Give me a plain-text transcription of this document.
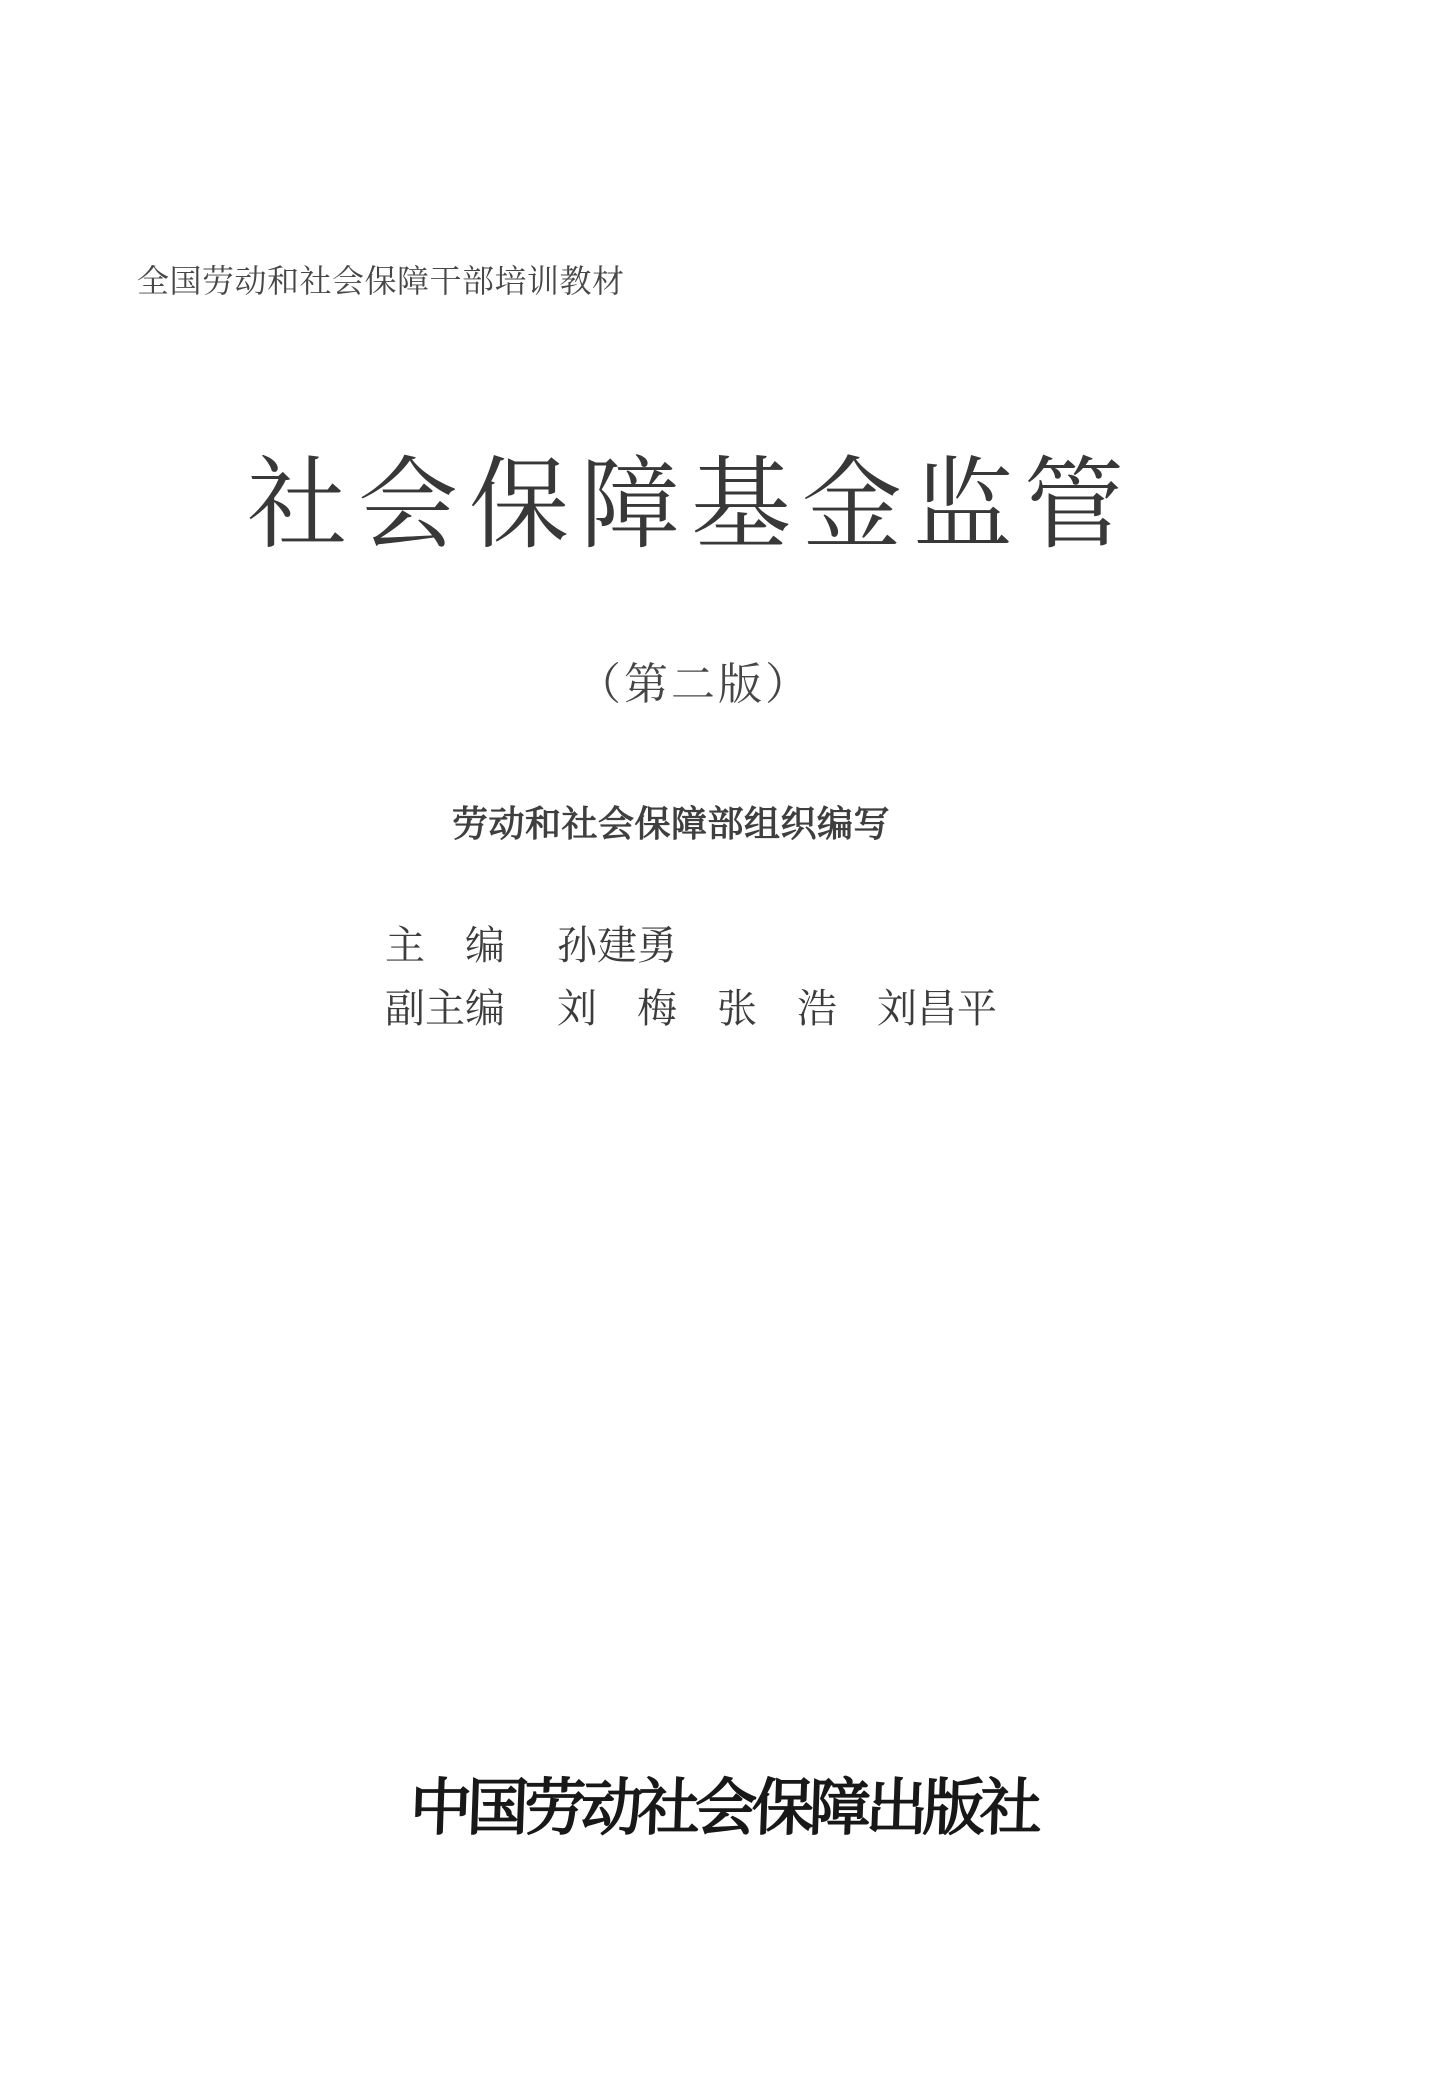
全国劳动和社会保障干部培训教材
社会保障基金监管
（第二版）
劳动和社会保障部组织编写
主　编 孙建勇
副主编 刘　梅　张　浩　刘昌平
中国劳动社会保障出版社
